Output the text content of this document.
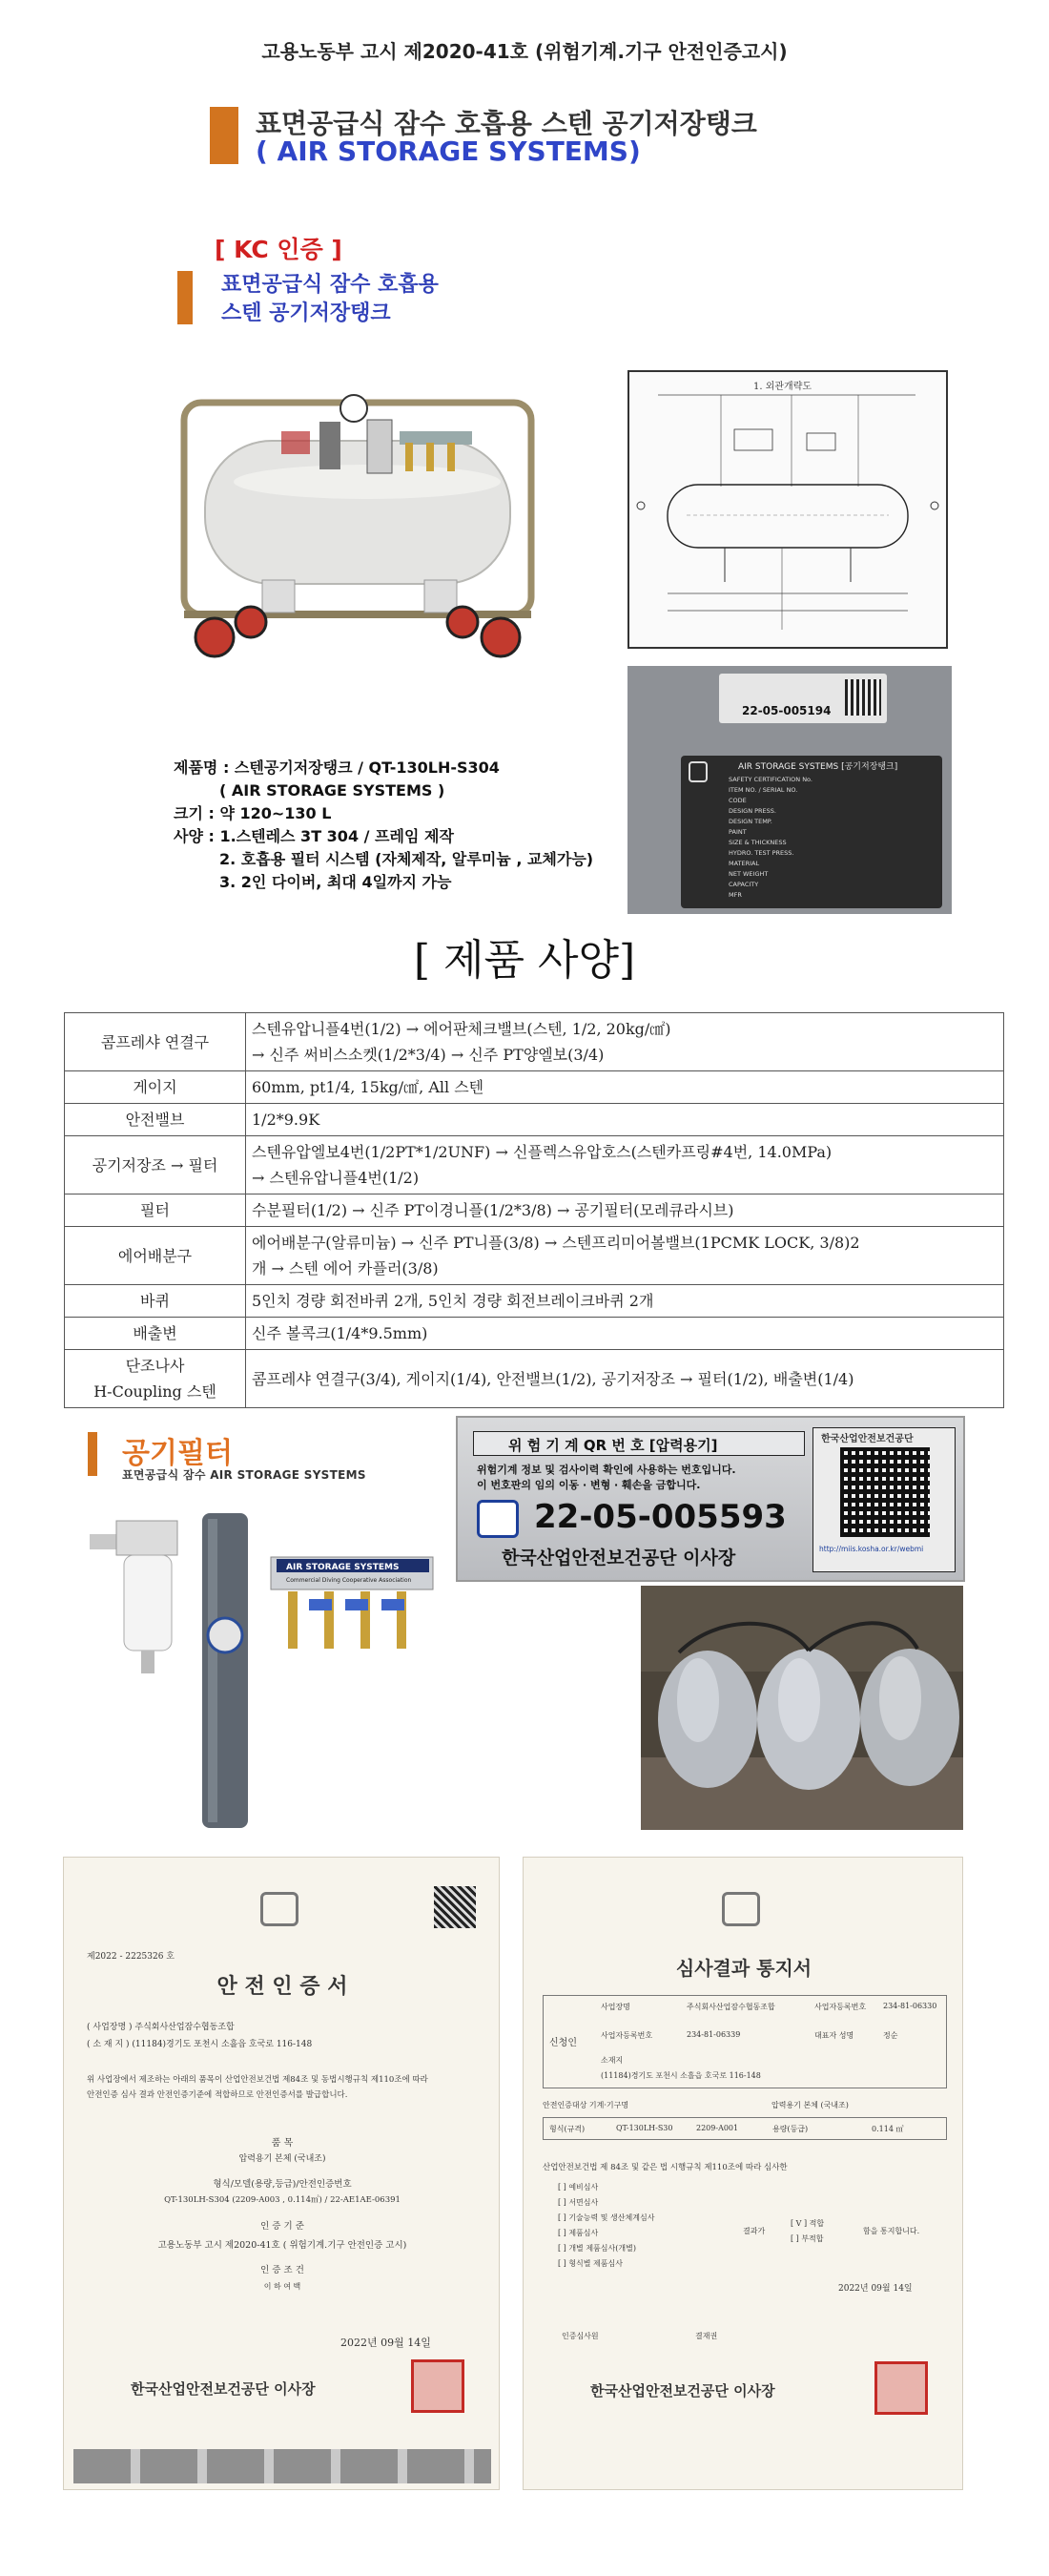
고용노동부 고시 제2020-41호 (위험기계.기구 안전인증고시)
표면공급식 잠수 호흡용 스텐 공기저장탱크
( AIR STORAGE SYSTEMS)
[ KC 인증 ]
표면공급식 잠수 호흡용
스텐 공기저장탱크
제품명 : 스텐공기저장탱크 / QT-130LH-S304
( AIR STORAGE SYSTEMS )
크기 : 약 120~130 L
사양 : 1.스텐레스 3T 304 / 프레임 제작
2. 호흡용 필터 시스템 (자체제작, 알루미늄 , 교체가능)
3. 2인 다이버, 최대 4일까지 가능
1. 외관개략도
22-05-005194
AIR STORAGE SYSTEMS [공기저장탱크]
SAFETY CERTIFICATION No.
ITEM NO. / SERIAL NO.
CODE
DESIGN PRESS.
DESIGN TEMP.
PAINT
SIZE & THICKNESS
HYDRO. TEST PRESS.
MATERIAL
NET WEIGHT
CAPACITY
MFR
[ 제품 사양]
콤프레샤 연결구	스텐유압니플4번(1/2) → 에어판체크밸브(스텐, 1/2, 20kg/㎠)
→ 신주 써비스소켓(1/2*3/4) → 신주 PT양엘보(3/4)

게이지	60mm, pt1/4, 15kg/㎠, All 스텐

안전밸브	1/2*9.9K

공기저장조 → 필터	스텐유압엘보4번(1/2PT*1/2UNF) → 신플렉스유압호스(스텐카프링#4번, 14.0MPa)
→ 스텐유압니플4번(1/2)

필터	수분필터(1/2) → 신주 PT이경니플(1/2*3/8) → 공기필터(모레큐라시브)

에어배분구	에어배분구(알류미늄) → 신주 PT니플(3/8) → 스텐프리미어볼밸브(1PCMK LOCK, 3/8)2
개 → 스텐 에어 카플러(3/8)

바퀴	5인치 경량 회전바퀴 2개, 5인치 경량 회전브레이크바퀴 2개

배출변	신주 볼콕크(1/4*9.5mm)

단조나사
H-Coupling 스텐	콤프레샤 연결구(3/4), 게이지(1/4), 안전밸브(1/2), 공기저장조 → 필터(1/2), 배출변(1/4)
공기필터
표면공급식 잠수 AIR STORAGE SYSTEMS
AIR STORAGE SYSTEMS
Commercial Diving Cooperative Association
위 험 기 계 QR 번 호 [압력용기]
위험기계 정보 및 검사이력 확인에 사용하는 번호입니다.
이 번호판의 임의 이동 · 변형 · 훼손을 금합니다.
22-05-005593
한국산업안전보건공단 이사장
한국산업안전보건공단
http://miis.kosha.or.kr/webmi
제2022 - 2225326 호
안 전 인 증 서
( 사업장명 ) 주식회사산업잠수협동조합
( 소 재 지 ) (11184)경기도 포천시 소흘읍 호국로 116-148
위 사업장에서 제조하는 아래의 품목이 산업안전보건법 제84조 및 동법시행규칙 제110조에 따라
안전인증 심사 결과 안전인증기준에 적합하므로 안전인증서를 발급합니다.
품 목
압력용기 본체 (국내조)
형식/모델(용량,등급)/안전인증번호
QT-130LH-S304 (2209-A003 , 0.114㎥) / 22-AE1AE-06391
인 증 기 준
고용노동부 고시 제2020-41호 ( 위험기계.기구 안전인증 고시)
인 증 조 건
이 하 여 백
2022년 09월 14일
한국산업안전보건공단 이사장
심사결과 통지서
신청인
사업장명	주식회사산업잠수협동조합	사업자등록번호 234-81-06330
사업자등록번호	234-81-06339	대표자 성명	정순
소재지
(11184)경기도 포천시 소흘읍 호국로 116-148
안전인증대상 기계·기구명	압력용기 본체 (국내조)
형식(규격)	QT-130LH-S30	2209-A001	용량(등급)	0.114 ㎥
산업안전보건법 제 84조 및 같은 법 시행규칙 제110조에 따라 심사한
[ ] 예비심사
[ ] 서면심사
[ ] 기술능력 및 생산체계심사
[ ] 제품심사
[ ] 개별 제품심사(개별)
[ ] 형식별 제품심사
결과가
[ V ] 적합
[ ] 부적합
함을 통지합니다.
2022년 09월 14일
인증심사원	결재권
한국산업안전보건공단 이사장
